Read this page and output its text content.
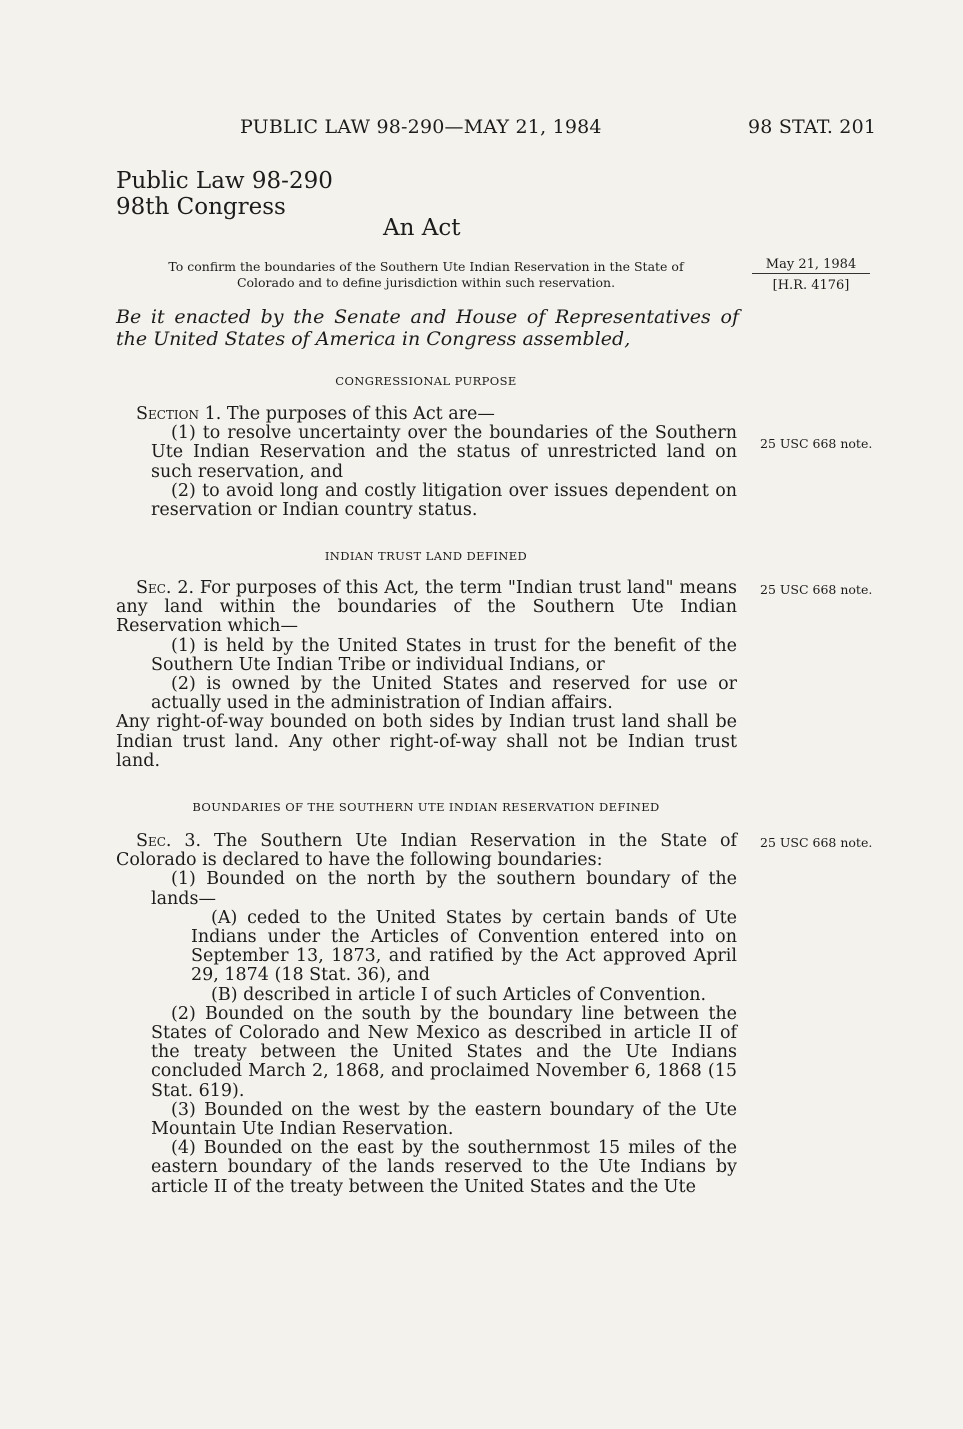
PUBLIC LAW 98-290—MAY 21, 1984	98 STAT. 201
Public Law 98-290
98th Congress
An Act
To confirm the boundaries of the Southern Ute Indian Reservation in the State of
Colorado and to define jurisdiction within such reservation.
May 21, 1984
[H.R. 4176]
Be it enacted by the Senate and House of Representatives of the United States of America in Congress assembled,
CONGRESSIONAL PURPOSE

Section 1. The purposes of this Act are—

(1) to resolve uncertainty over the boundaries of the Southern Ute Indian Reservation and the status of unrestricted land on such reservation, and

(2) to avoid long and costly litigation over issues dependent on reservation or Indian country status.

25 USC 668 note.
INDIAN TRUST LAND DEFINED

Sec. 2. For purposes of this Act, the term "Indian trust land" means any land within the boundaries of the Southern Ute Indian Reservation which—

(1) is held by the United States in trust for the benefit of the Southern Ute Indian Tribe or individual Indians, or

(2) is owned by the United States and reserved for use or actually used in the administration of Indian affairs.

Any right-of-way bounded on both sides by Indian trust land shall be Indian trust land. Any other right-of-way shall not be Indian trust land.

25 USC 668 note.
BOUNDARIES OF THE SOUTHERN UTE INDIAN RESERVATION DEFINED

Sec. 3. The Southern Ute Indian Reservation in the State of Colorado is declared to have the following boundaries:

(1) Bounded on the north by the southern boundary of the lands—

(A) ceded to the United States by certain bands of Ute Indians under the Articles of Convention entered into on September 13, 1873, and ratified by the Act approved April 29, 1874 (18 Stat. 36), and

(B) described in article I of such Articles of Convention.

(2) Bounded on the south by the boundary line between the States of Colorado and New Mexico as described in article II of the treaty between the United States and the Ute Indians concluded March 2, 1868, and proclaimed November 6, 1868 (15 Stat. 619).

(3) Bounded on the west by the eastern boundary of the Ute Mountain Ute Indian Reservation.

(4) Bounded on the east by the southernmost 15 miles of the eastern boundary of the lands reserved to the Ute Indians by article II of the treaty between the United States and the Ute

25 USC 668 note.
